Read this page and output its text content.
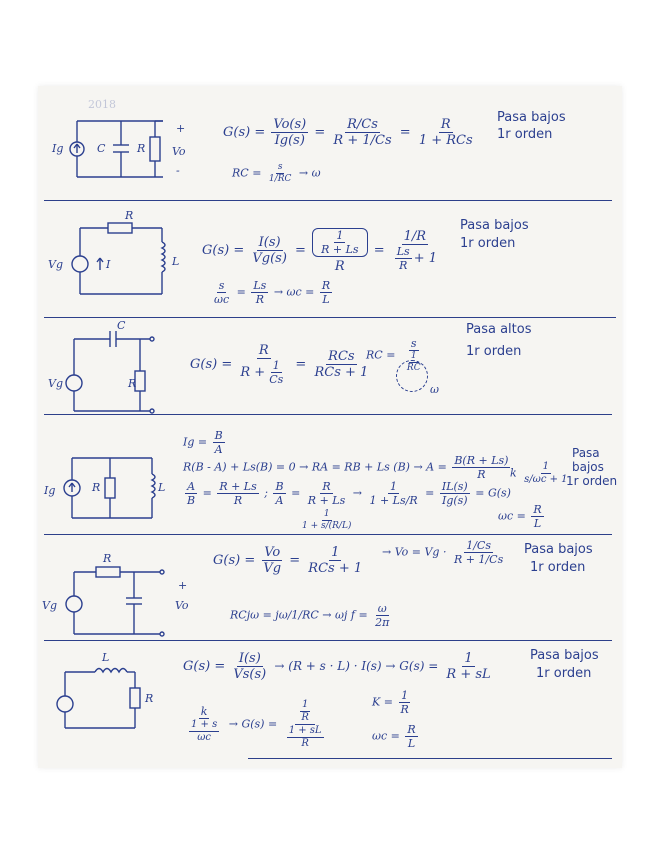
2018
Ig	C	R Vo
+
-
$G(s) = \frac{Vo(s)}{Ig(s)} = \frac{R/Cs}{R + 1/Cs} = \frac{R}{\text{1 + RCs}}$
RC = $\frac{s}{1/RC} \to \omega$
Pasa bajos
1r orden
R
Vg	I	L
$G(s) = \frac{I(s)}{Vg(s)} = \frac{\frac{1}{R + Ls}}{R} = \frac{1/R}{\frac{Ls}{R} + 1}$
$\frac{s}{\omega c} = \frac{Ls}{R} \to \omega c = \frac{R}{L}$
Pasa bajos
1r orden
C
Vg	R
$G(s) = \frac{R}{R + \frac{1}{Cs}} = \frac{\text{RCs}}{\text{RCs + 1}}$
RC = $\frac{s}{\frac{1}{RC}}$
ω
Pasa altos
1r orden
Ig	R	L
$Ig = \frac{B}{A}$
R(B - A) + Ls(B) = 0 → RA = RB + Ls $(B) \to A = \frac{B(R + Ls)}{R}$
$\frac{A}{B} = \frac{R + Ls}{R}$ ; $\frac{B}{A} = \frac{R}{R + Ls} \to \frac{1}{1 + Ls/R} = \frac{IL(s)}{Ig(s)} = G(s)$
k $\frac{1}{s/\omega c + 1}$
$\frac{1}{1 + s/(R/L)}$	$\omega c = \frac{R}{L}$
Pasa
bajos
1r orden
R
Vg
+
Vo
$G(s) = \frac{Vo}{Vg} = \frac{1}{\text{RCs + 1}} \to Vo = Vg \cdot \frac{1/Cs}{R + 1/Cs}$
RCjω = jω/1/RC → ωj $f = \frac{\omega}{2\pi}$
Pasa bajos
1r orden
L
R
$G(s) = \frac{I(s)}{Vs(s)} \to (R + s \cdot L) \cdot I(s) \to G(s) = \frac{1}{R + sL}$
$\frac{k}{\frac{1 + s}{\omega c}} \to G(s) = \frac{\frac{1}{R}}{\frac{1 + sL}{R}}$	$K = \frac{1}{R}$
$\omega c = \frac{R}{L}$
Pasa bajos
1r orden
